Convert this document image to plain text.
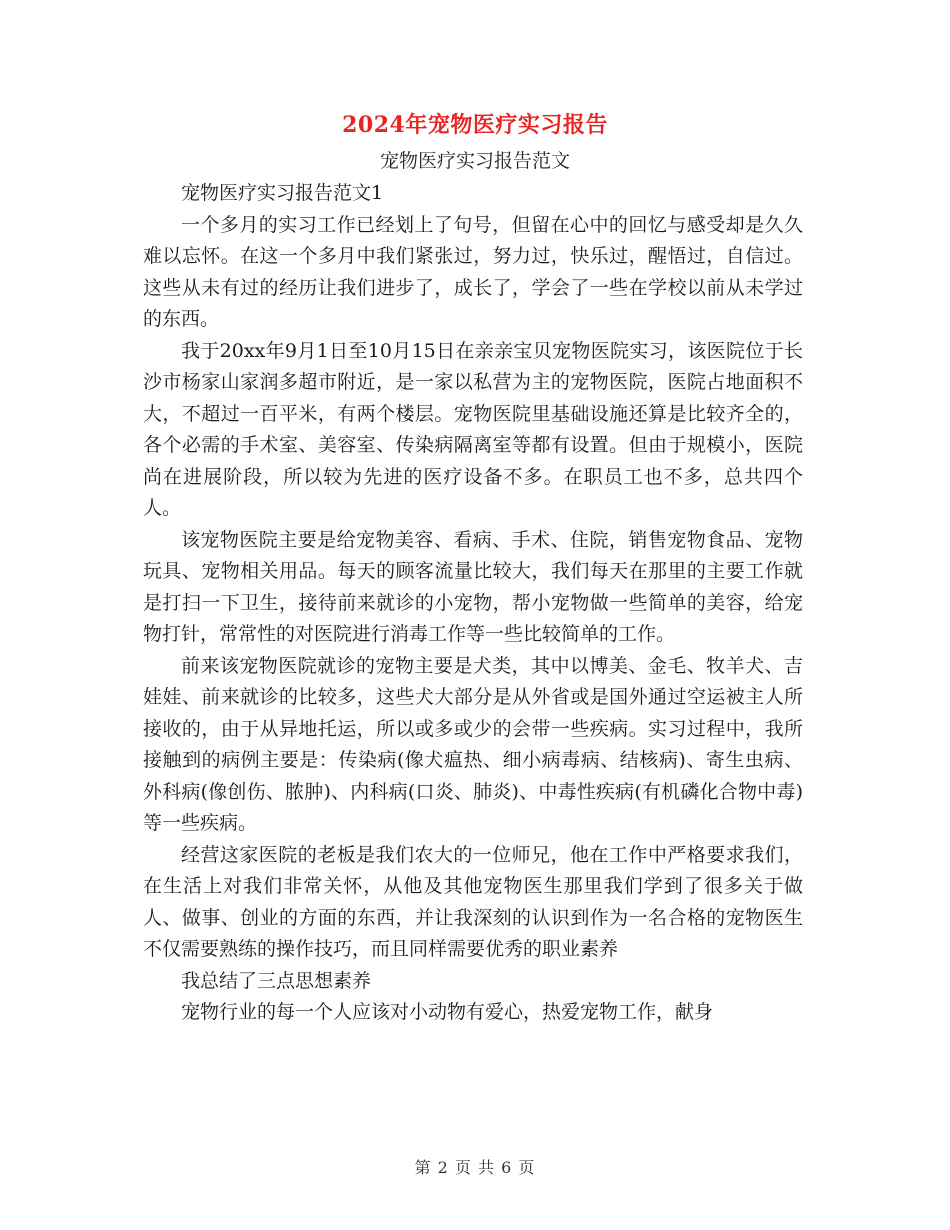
2024年宠物医疗实习报告
宠物医疗实习报告范文

宠物医疗实习报告范文1

一个多月的实习工作已经划上了句号，但留在心中的回忆与感受却是久久难以忘怀。在这一个多月中我们紧张过，努力过，快乐过，醒悟过，自信过。这些从未有过的经历让我们进步了，成长了，学会了一些在学校以前从未学过的东西。

我于20xx年9月1日至10月15日在亲亲宝贝宠物医院实习，该医院位于长沙市杨家山家润多超市附近，是一家以私营为主的宠物医院，医院占地面积不大，不超过一百平米，有两个楼层。宠物医院里基础设施还算是比较齐全的，各个必需的手术室、美容室、传染病隔离室等都有设置。但由于规模小，医院尚在进展阶段，所以较为先进的医疗设备不多。在职员工也不多，总共四个人。

该宠物医院主要是给宠物美容、看病、手术、住院，销售宠物食品、宠物玩具、宠物相关用品。每天的顾客流量比较大，我们每天在那里的主要工作就是打扫一下卫生，接待前来就诊的小宠物，帮小宠物做一些简单的美容，给宠物打针，常常性的对医院进行消毒工作等一些比较简单的工作。

前来该宠物医院就诊的宠物主要是犬类，其中以博美、金毛、牧羊犬、吉娃娃、前来就诊的比较多，这些犬大部分是从外省或是国外通过空运被主人所接收的，由于从异地托运，所以或多或少的会带一些疾病。实习过程中，我所接触到的病例主要是：传染病(像犬瘟热、细小病毒病、结核病)、寄生虫病、外科病(像创伤、脓肿)、内科病(口炎、肺炎)、中毒性疾病(有机磷化合物中毒)等一些疾病。

经营这家医院的老板是我们农大的一位师兄，他在工作中严格要求我们，在生活上对我们非常关怀，从他及其他宠物医生那里我们学到了很多关于做人、做事、创业的方面的东西，并让我深刻的认识到作为一名合格的宠物医生不仅需要熟练的操作技巧，而且同样需要优秀的职业素养

我总结了三点思想素养

宠物行业的每一个人应该对小动物有爱心，热爱宠物工作，献身

第 2 页 共 6 页
